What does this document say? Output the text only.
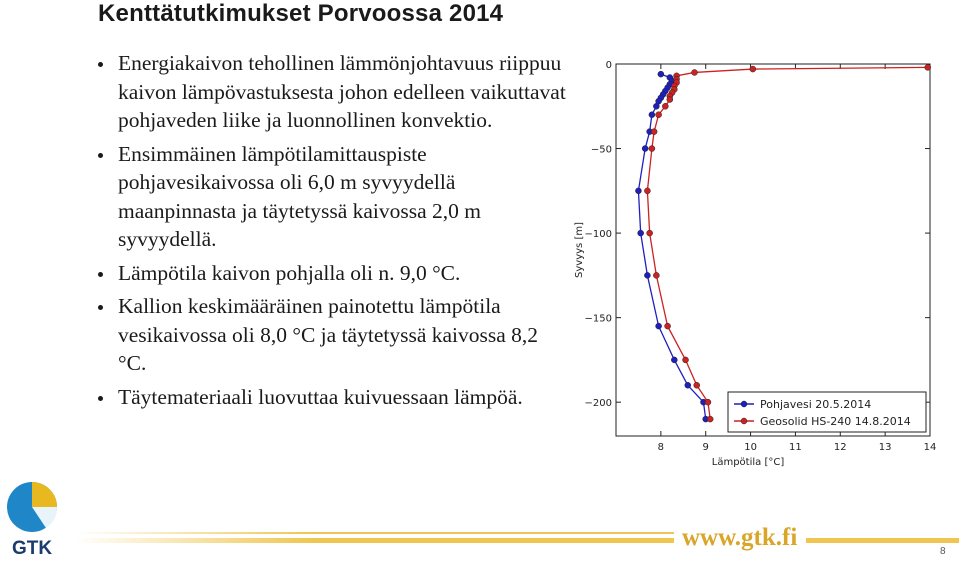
Kenttätutkimukset Porvoossa 2014
Energiakaivon tehollinen lämmönjohtavuus riippuu kaivon lämpövastuksesta johon edelleen vaikuttavat pohjaveden liike ja luonnollinen konvektio.
Ensimmäinen lämpötilamittauspiste pohjavesikaivossa oli 6,0 m syvyydellä maanpinnasta ja täytetyssä kaivossa 2,0 m syvyydellä.
Lämpötila kaivon pohjalla oli n. 9,0 °C.
Kallion keskimääräinen painotettu lämpötila vesikaivossa oli 8,0 °C ja täytetyssä kaivossa 8,2 °C.
Täytemateriaali luovuttaa kuivuessaan lämpöä.
0
−50
−100
−150
−200
8	9	10	11	12	13	14
Lämpötila [°C]
Syvyys [m]
Pohjavesi 20.5.2014
Geosolid HS-240 14.8.2014
GTK	www.gtk.fi
8
